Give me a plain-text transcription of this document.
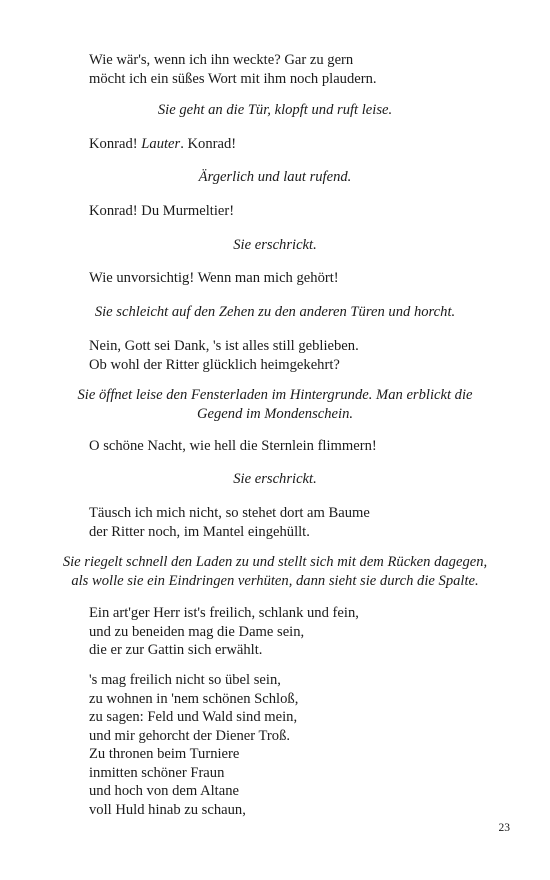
Wie wär's, wenn ich ihn weckte? Gar zu gern
möcht ich ein süßes Wort mit ihm noch plaudern.
Sie geht an die Tür, klopft und ruft leise.
Konrad! Lauter. Konrad!
Ärgerlich und laut rufend.
Konrad! Du Murmeltier!
Sie erschrickt.
Wie unvorsichtig! Wenn man mich gehört!
Sie schleicht auf den Zehen zu den anderen Türen und horcht.
Nein, Gott sei Dank, 's ist alles still geblieben.
Ob wohl der Ritter glücklich heimgekehrt?
Sie öffnet leise den Fensterladen im Hintergrunde. Man erblickt die
Gegend im Mondenschein.
O schöne Nacht, wie hell die Sternlein flimmern!
Sie erschrickt.
Täusch ich mich nicht, so stehet dort am Baume
der Ritter noch, im Mantel eingehüllt.
Sie riegelt schnell den Laden zu und stellt sich mit dem Rücken dagegen,
als wolle sie ein Eindringen verhüten, dann sieht sie durch die Spalte.
Ein art'ger Herr ist's freilich, schlank und fein,
und zu beneiden mag die Dame sein,
die er zur Gattin sich erwählt.
's mag freilich nicht so übel sein,
zu wohnen in 'nem schönen Schloß,
zu sagen: Feld und Wald sind mein,
und mir gehorcht der Diener Troß.
Zu thronen beim Turniere
inmitten schöner Fraun
und hoch von dem Altane
voll Huld hinab zu schaun,
23
